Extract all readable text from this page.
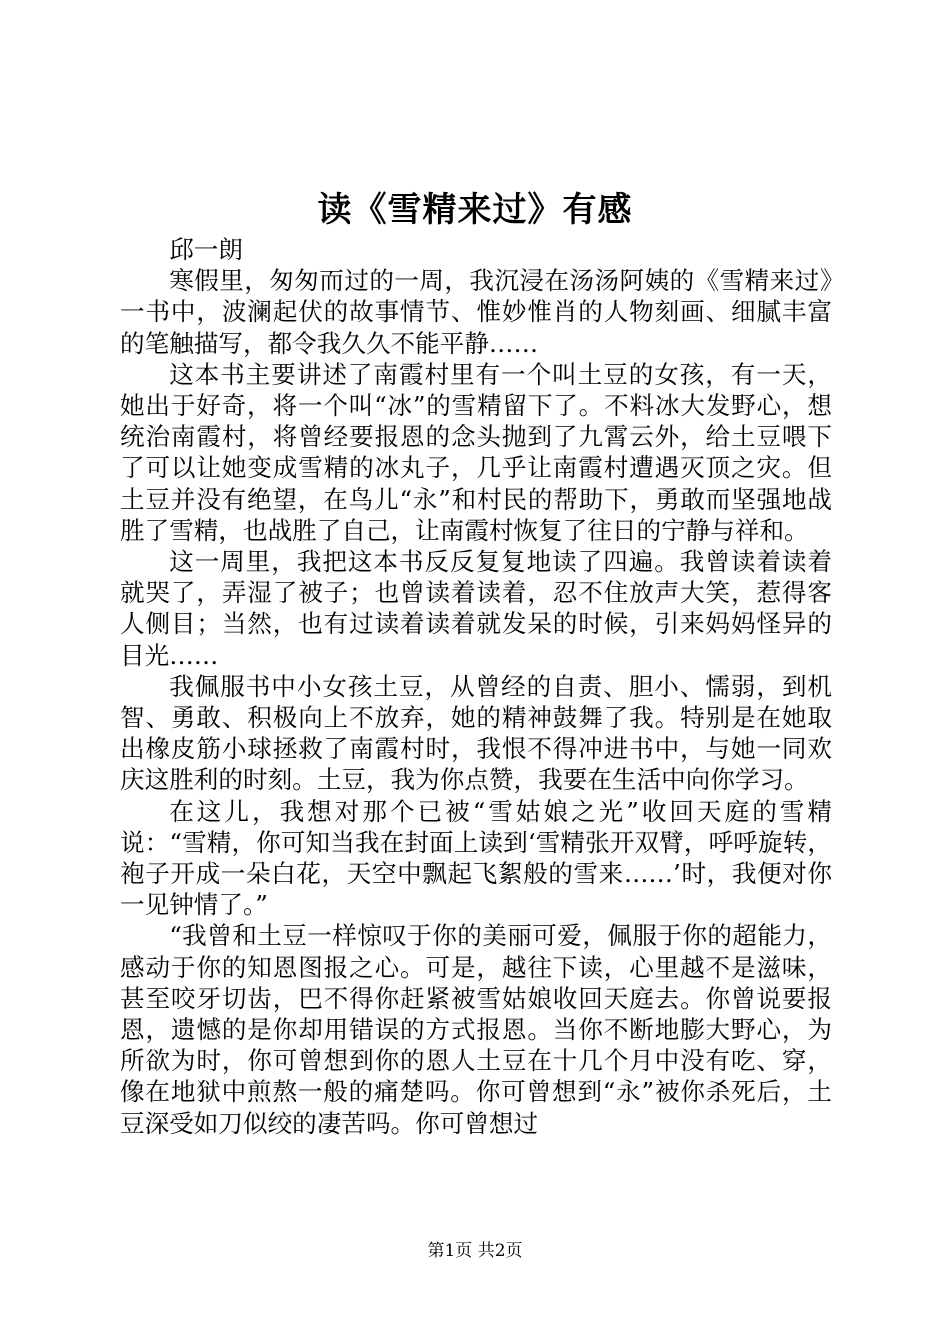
读《雪精来过》有感

邱一朗

寒假里，匆匆而过的一周，我沉浸在汤汤阿姨的《雪精来过》一书中，波澜起伏的故事情节、惟妙惟肖的人物刻画、细腻丰富的笔触描写，都令我久久不能平静……

这本书主要讲述了南霞村里有一个叫土豆的女孩，有一天，她出于好奇，将一个叫“冰”的雪精留下了。不料冰大发野心，想统治南霞村，将曾经要报恩的念头抛到了九霄云外，给土豆喂下了可以让她变成雪精的冰丸子，几乎让南霞村遭遇灭顶之灾。但土豆并没有绝望，在鸟儿“永”和村民的帮助下，勇敢而坚强地战胜了雪精，也战胜了自己，让南霞村恢复了往日的宁静与祥和。

这一周里，我把这本书反反复复地读了四遍。我曾读着读着就哭了，弄湿了被子；也曾读着读着，忍不住放声大笑，惹得客人侧目；当然，也有过读着读着就发呆的时候，引来妈妈怪异的目光……

我佩服书中小女孩土豆，从曾经的自责、胆小、懦弱，到机智、勇敢、积极向上不放弃，她的精神鼓舞了我。特别是在她取出橡皮筋小球拯救了南霞村时，我恨不得冲进书中，与她一同欢庆这胜利的时刻。土豆，我为你点赞，我要在生活中向你学习。

在这儿，我想对那个已被“雪姑娘之光”收回天庭的雪精说：“雪精，你可知当我在封面上读到‘雪精张开双臂，呼呼旋转，袍子开成一朵白花，天空中飘起飞絮般的雪来……’时，我便对你一见钟情了。”

“我曾和土豆一样惊叹于你的美丽可爱，佩服于你的超能力，感动于你的知恩图报之心。可是，越往下读，心里越不是滋味，甚至咬牙切齿，巴不得你赶紧被雪姑娘收回天庭去。你曾说要报恩，遗憾的是你却用错误的方式报恩。当你不断地膨大野心，为所欲为时，你可曾想到你的恩人土豆在十几个月中没有吃、穿，像在地狱中煎熬一般的痛楚吗。你可曾想到“永”被你杀死后，土豆深受如刀似绞的凄苦吗。你可曾想过

第1页 共2页
